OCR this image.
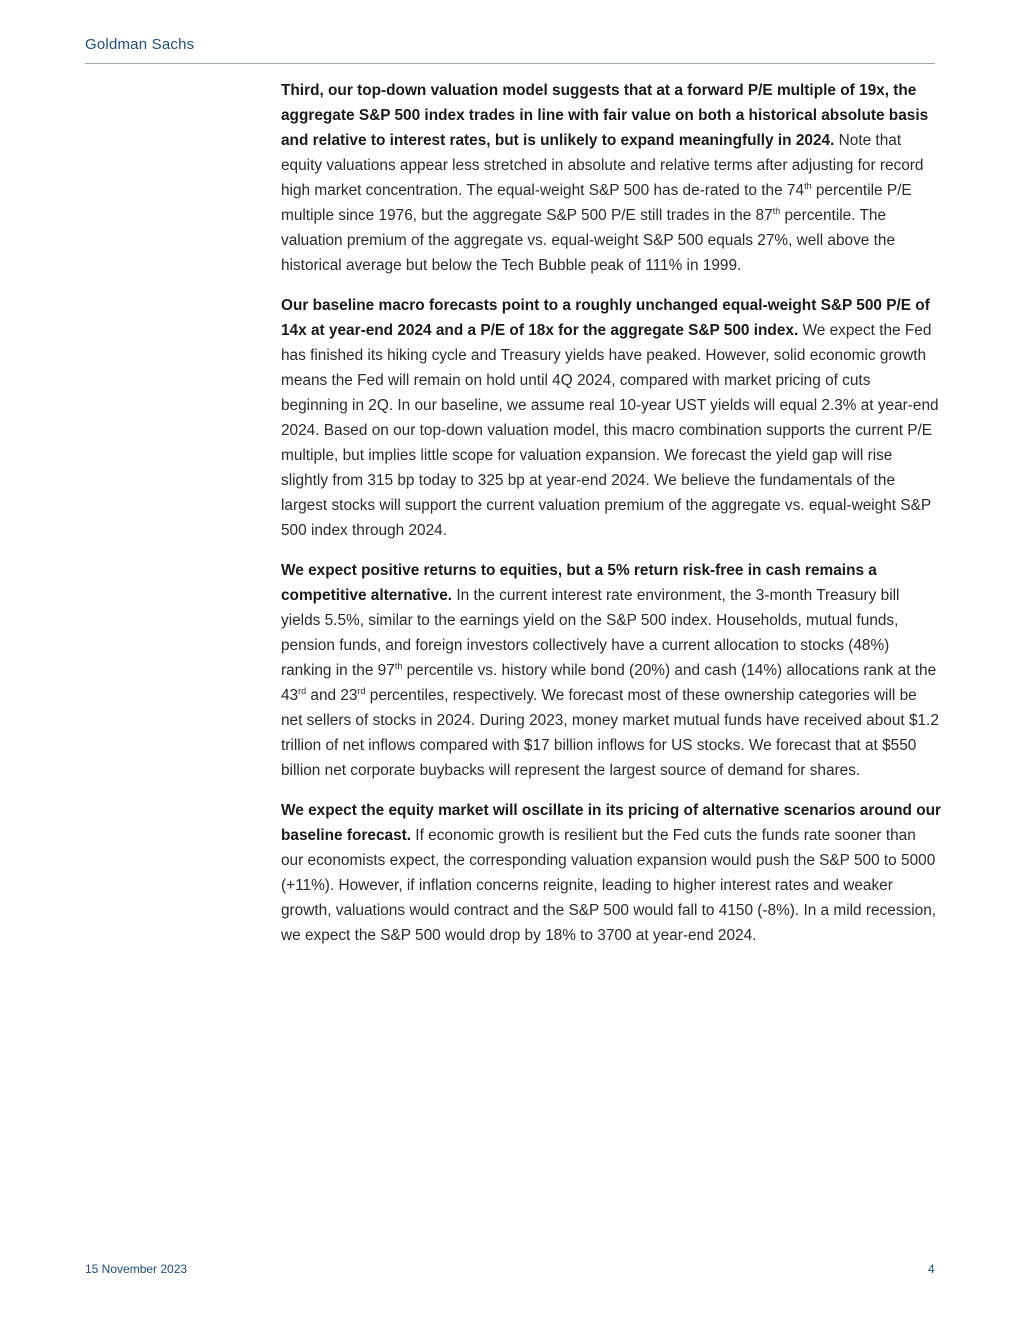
Goldman Sachs

Third, our top-down valuation model suggests that at a forward P/E multiple of 19x, the aggregate S&P 500 index trades in line with fair value on both a historical absolute basis and relative to interest rates, but is unlikely to expand meaningfully in 2024. Note that equity valuations appear less stretched in absolute and relative terms after adjusting for record high market concentration. The equal-weight S&P 500 has de-rated to the 74th percentile P/E multiple since 1976, but the aggregate S&P 500 P/E still trades in the 87th percentile. The valuation premium of the aggregate vs. equal-weight S&P 500 equals 27%, well above the historical average but below the Tech Bubble peak of 111% in 1999.

Our baseline macro forecasts point to a roughly unchanged equal-weight S&P 500 P/E of 14x at year-end 2024 and a P/E of 18x for the aggregate S&P 500 index. We expect the Fed has finished its hiking cycle and Treasury yields have peaked. However, solid economic growth means the Fed will remain on hold until 4Q 2024, compared with market pricing of cuts beginning in 2Q. In our baseline, we assume real 10-year UST yields will equal 2.3% at year-end 2024. Based on our top-down valuation model, this macro combination supports the current P/E multiple, but implies little scope for valuation expansion. We forecast the yield gap will rise slightly from 315 bp today to 325 bp at year-end 2024. We believe the fundamentals of the largest stocks will support the current valuation premium of the aggregate vs. equal-weight S&P 500 index through 2024.

We expect positive returns to equities, but a 5% return risk-free in cash remains a competitive alternative. In the current interest rate environment, the 3-month Treasury bill yields 5.5%, similar to the earnings yield on the S&P 500 index. Households, mutual funds, pension funds, and foreign investors collectively have a current allocation to stocks (48%) ranking in the 97th percentile vs. history while bond (20%) and cash (14%) allocations rank at the 43rd and 23rd percentiles, respectively. We forecast most of these ownership categories will be net sellers of stocks in 2024. During 2023, money market mutual funds have received about $1.2 trillion of net inflows compared with $17 billion inflows for US stocks. We forecast that at $550 billion net corporate buybacks will represent the largest source of demand for shares.

We expect the equity market will oscillate in its pricing of alternative scenarios around our baseline forecast. If economic growth is resilient but the Fed cuts the funds rate sooner than our economists expect, the corresponding valuation expansion would push the S&P 500 to 5000 (+11%). However, if inflation concerns reignite, leading to higher interest rates and weaker growth, valuations would contract and the S&P 500 would fall to 4150 (-8%). In a mild recession, we expect the S&P 500 would drop by 18% to 3700 at year-end 2024.

15 November 2023	4
